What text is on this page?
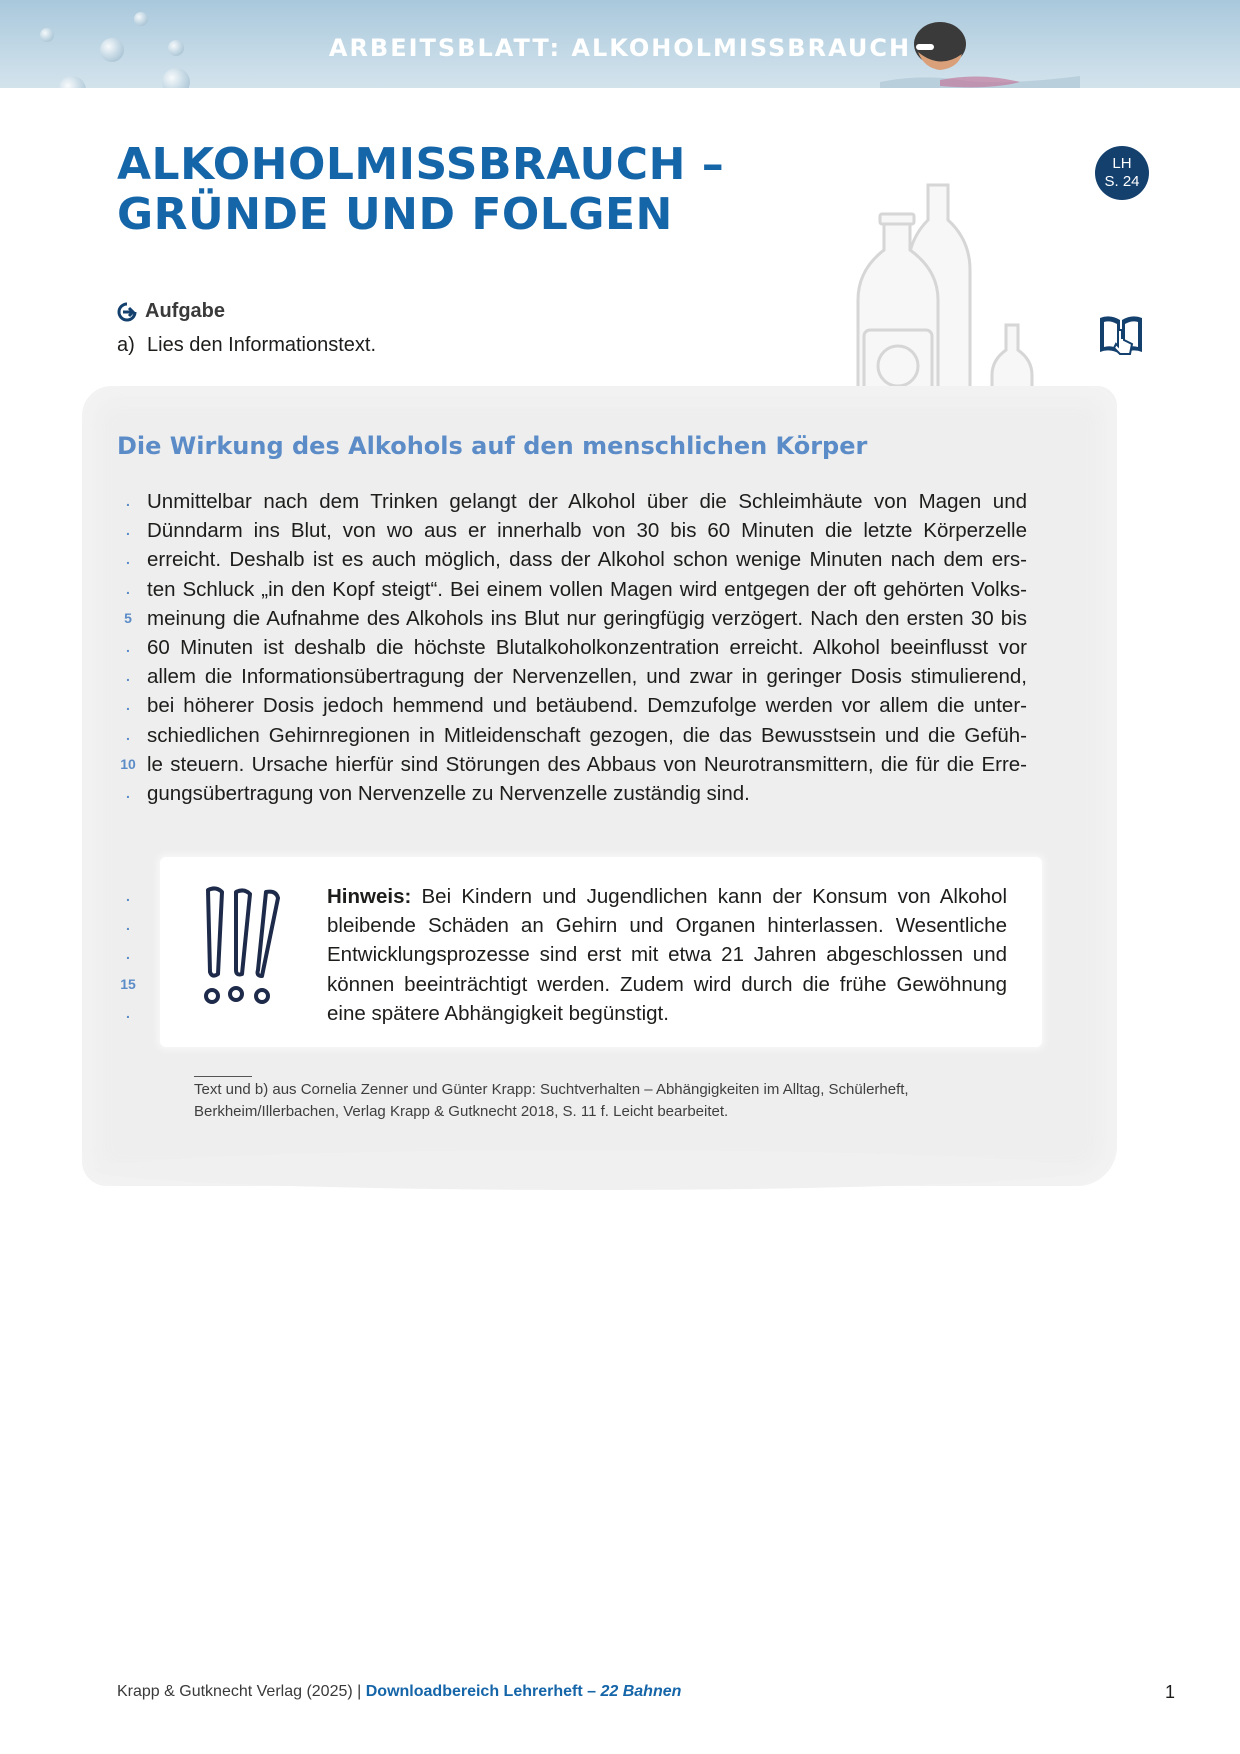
ARBEITSBLATT: ALKOHOLMISSBRAUCH
ALKOHOLMISSBRAUCH –
GRÜNDE UND FOLGEN
LH
S. 24
Aufgabe
a) Lies den Informationstext.
Die Wirkung des Alkohols auf den menschlichen Körper
.
.
.
.
5
.
.
.
.
10
.
Unmittelbar nach dem Trinken gelangt der Alkohol über die Schleimhäute von Magen und
Dünndarm ins Blut, von wo aus er innerhalb von 30 bis 60 Minuten die letzte Körperzelle
erreicht. Deshalb ist es auch möglich, dass der Alkohol schon wenige Minuten nach dem ers-
ten Schluck „in den Kopf steigt“. Bei einem vollen Magen wird entgegen der oft gehörten Volks-
meinung die Aufnahme des Alkohols ins Blut nur geringfügig verzögert. Nach den ersten 30 bis
60 Minuten ist deshalb die höchste Blutalkoholkonzentration erreicht. Alkohol beeinflusst vor
allem die Informationsübertragung der Nervenzellen, und zwar in geringer Dosis stimulierend,
bei höherer Dosis jedoch hemmend und betäubend. Demzufolge werden vor allem die unter-
schiedlichen Gehirnregionen in Mitleidenschaft gezogen, die das Bewusstsein und die Gefüh-
le steuern. Ursache hierfür sind Störungen des Abbaus von Neurotransmittern, die für die Erre-
gungsübertragung von Nervenzelle zu Nervenzelle zuständig sind.
.
.
.
15
.
Hinweis: Bei Kindern und Jugendlichen kann der Konsum von Alkohol
bleibende Schäden an Gehirn und Organen hinterlassen. Wesentliche
Entwicklungsprozesse sind erst mit etwa 21 Jahren abgeschlossen und
können beeinträchtigt werden. Zudem wird durch die frühe Gewöhnung
eine spätere Abhängigkeit begünstigt.
Text und b) aus Cornelia Zenner und Günter Krapp: Suchtverhalten – Abhängigkeiten im Alltag, Schülerheft,
Berkheim/Illerbachen, Verlag Krapp & Gutknecht 2018, S. 11 f. Leicht bearbeitet.
Krapp & Gutknecht Verlag (2025) | Downloadbereich Lehrerheft – 22 Bahnen	1
